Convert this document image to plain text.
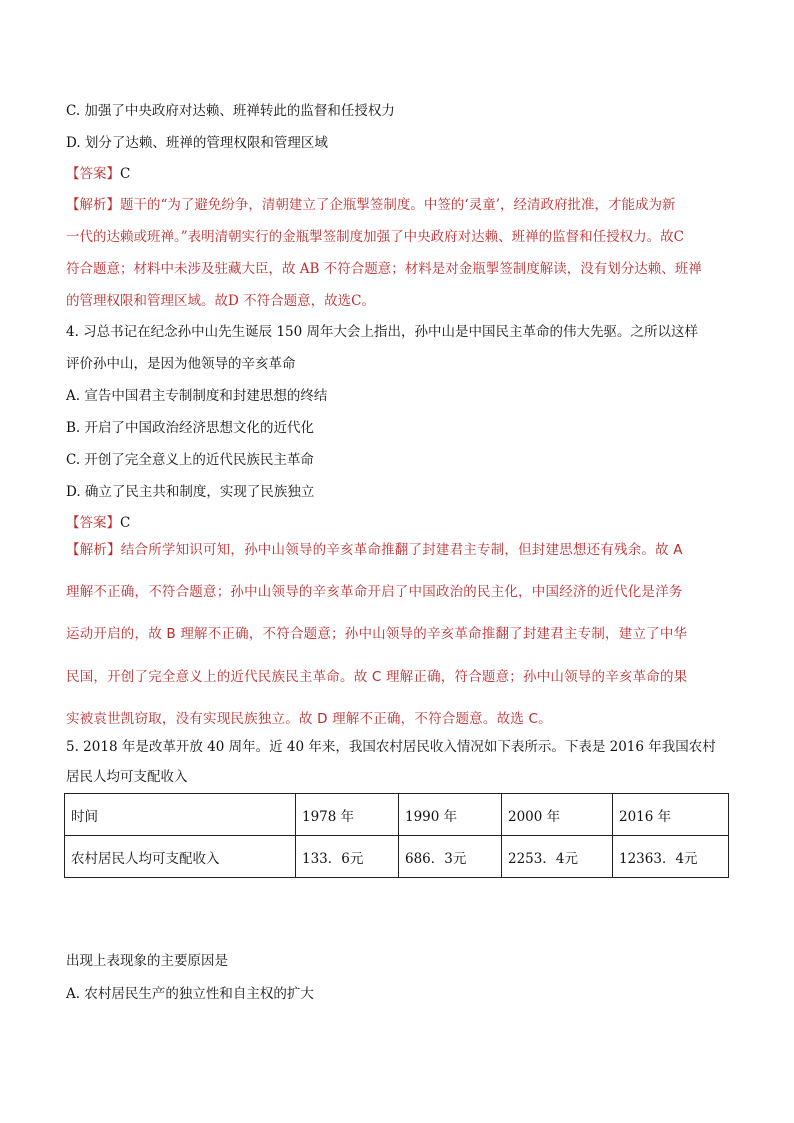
C. 加强了中央政府对达赖、班禅转此的监督和任授权力
D. 划分了达赖、班禅的管理权限和管理区域
【答案】C
【解析】题干的“为了避免纷争，清朝建立了企瓶掣签制度。中签的‘灵童’，经清政府批准，才能成为新
一代的达赖或班禅。”表明清朝实行的金瓶掣签制度加强了中央政府对达赖、班禅的监督和任授权力。故C
符合题意；材料中未涉及驻藏大臣，故 AB 不符合题意；材料是对金瓶掣签制度解读，没有划分达赖、班禅
的管理权限和管理区域。故D 不符合题意，故选C。
4. 习总书记在纪念孙中山先生诞辰 150 周年大会上指出，孙中山是中国民主革命的伟大先驱。之所以这样
评价孙中山，是因为他领导的辛亥革命
A. 宣告中国君主专制制度和封建思想的终结
B. 开启了中国政治经济思想文化的近代化
C. 开创了完全意义上的近代民族民主革命
D. 确立了民主共和制度，实现了民族独立
【答案】C
【解析】结合所学知识可知，孙中山领导的辛亥革命推翻了封建君主专制，但封建思想还有残余。故 A
理解不正确，不符合题意；孙中山领导的辛亥革命开启了中国政治的民主化，中国经济的近代化是洋务
运动开启的，故 B 理解不正确，不符合题意；孙中山领导的辛亥革命推翻了封建君主专制，建立了中华
民国，开创了完全意义上的近代民族民主革命。故 C 理解正确，符合题意；孙中山领导的辛亥革命的果
实被袁世凯窃取，没有实现民族独立。故 D 理解不正确，不符合题意。故选 C。
5. 2018 年是改革开放 40 周年。近 40 年来，我国农村居民收入情况如下表所示。下表是 2016 年我国农村
居民人均可支配收入
时间	1978 年	1990 年	2000 年	2016 年
农村居民人均可支配收入	133．6元	686．3元	2253．4元	12363．4元
出现上表现象的主要原因是
A. 农村居民生产的独立性和自主权的扩大
